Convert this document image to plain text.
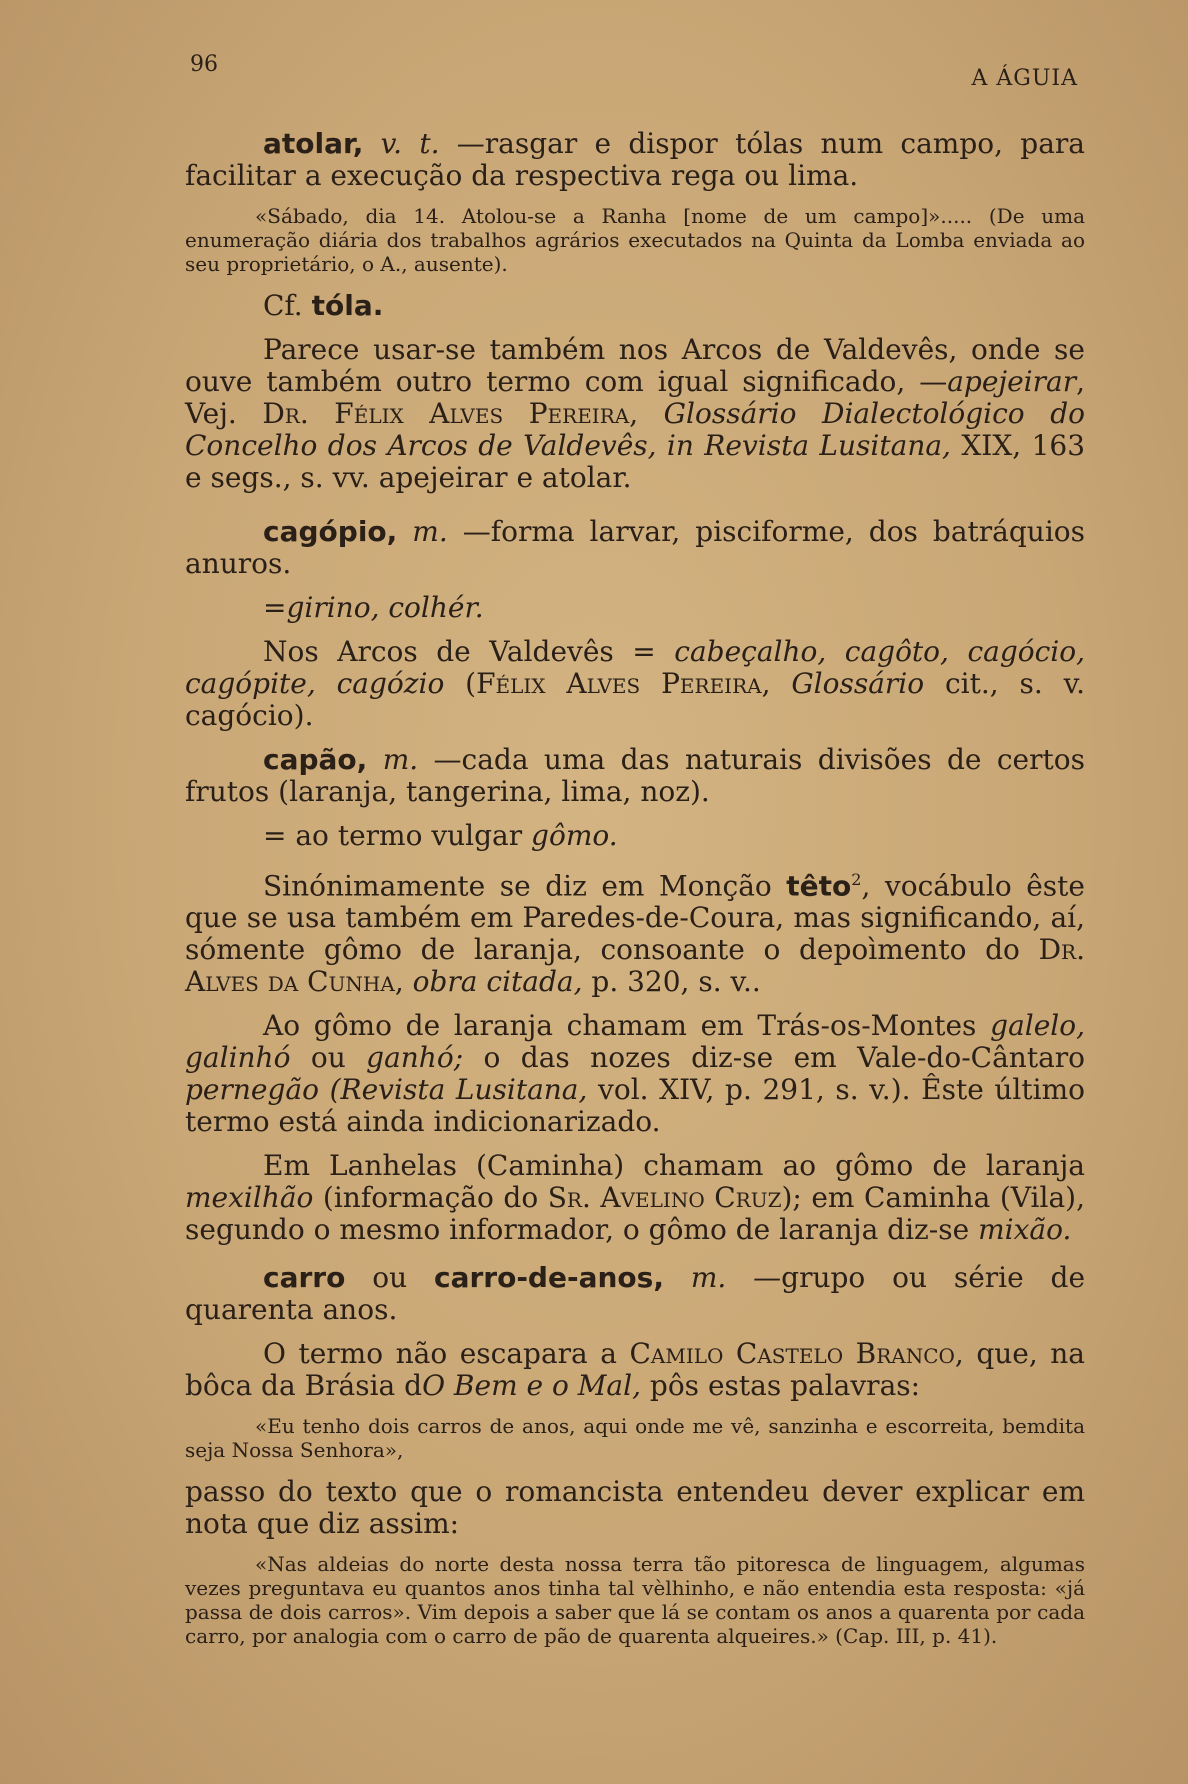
96
A ÁGUIA

atolar, v. t. —rasgar e dispor tólas num campo, para facilitar a execução da respectiva rega ou lima.

«Sábado, dia 14. Atolou-se a Ranha [nome de um campo]»..... (De uma enumeração diária dos trabalhos agrários executados na Quinta da Lomba enviada ao seu proprietário, o A., ausente).

Cf. tóla.

Parece usar-se também nos Arcos de Valdevês, onde se ouve também outro termo com igual significado, —apejeirar, Vej. Dr. Félix Alves Pereira, Glossário Dialectológico do Concelho dos Arcos de Valdevês, in Revista Lusitana, XIX, 163 e segs., s. vv. apejeirar e atolar.

cagópio, m. —forma larvar, pisciforme, dos batráquios anuros.

=girino, colhér.

Nos Arcos de Valdevês = cabeçalho, cagôto, cagócio, cagópite, cagózio (Félix Alves Pereira, Glossário cit., s. v. cagócio).

capão, m. —cada uma das naturais divisões de certos frutos (laranja, tangerina, lima, noz).

= ao termo vulgar gômo.

Sinónimamente se diz em Monção têto$^2$, vocábulo êste que se usa também em Paredes-de-Coura, mas significando, aí, sómente gômo de laranja, consoante o depoìmento do Dr. Alves da Cunha, obra citada, p. 320, s. v..

Ao gômo de laranja chamam em Trás-os-Montes galelo, galinhó ou ganhó; o das nozes diz-se em Vale-do-Cântaro pernegão (Revista Lusitana, vol. XIV, p. 291, s. v.). Êste último termo está ainda indicionarizado.

Em Lanhelas (Caminha) chamam ao gômo de laranja mexilhão (informação do Sr. Avelino Cruz); em Caminha (Vila), segundo o mesmo informador, o gômo de laranja diz-se mixão.

carro ou carro-de-anos, m. —grupo ou série de quarenta anos.

O termo não escapara a Camilo Castelo Branco, que, na bôca da Brásia dO Bem e o Mal, pôs estas palavras:

«Eu tenho dois carros de anos, aqui onde me vê, sanzinha e escorreita, bemdita seja Nossa Senhora»,

passo do texto que o romancista entendeu dever explicar em nota que diz assim:

«Nas aldeias do norte desta nossa terra tão pitoresca de linguagem, algumas vezes preguntava eu quantos anos tinha tal vèlhinho, e não entendia esta resposta: «já passa de dois carros». Vim depois a saber que lá se contam os anos a quarenta por cada carro, por analogia com o carro de pão de quarenta alqueires.» (Cap. III, p. 41).
